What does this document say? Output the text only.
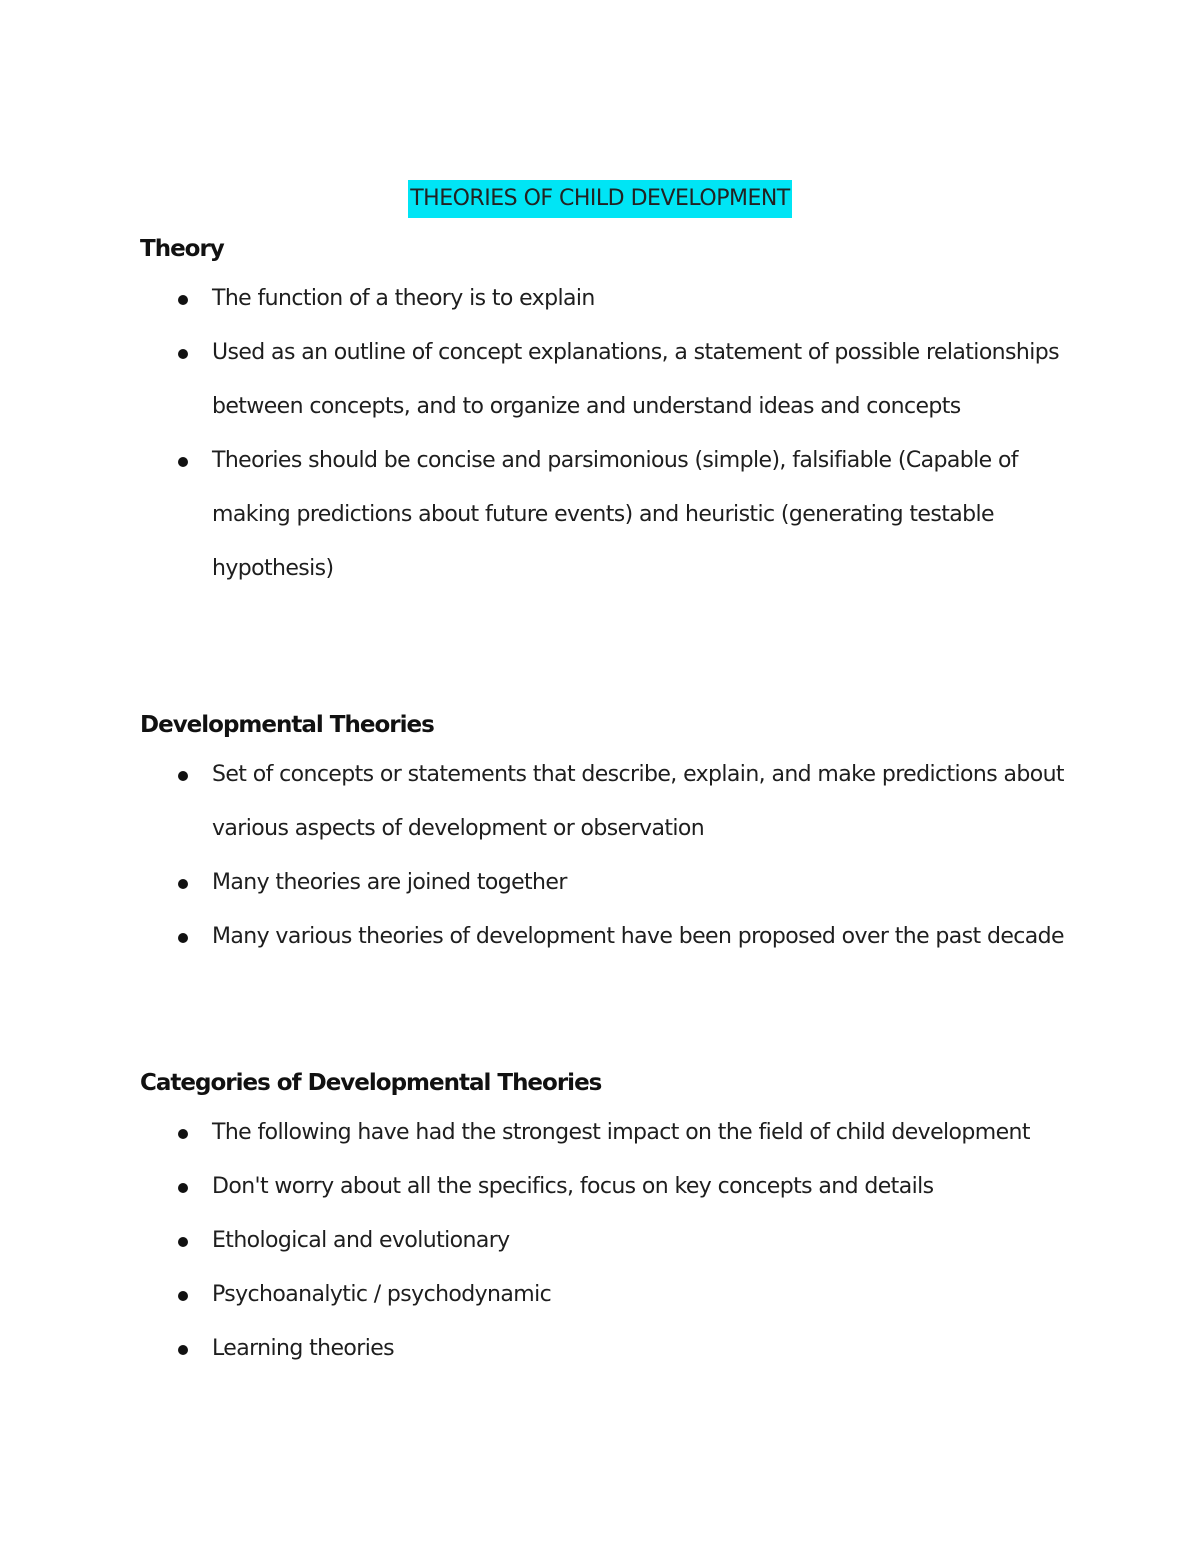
THEORIES OF CHILD DEVELOPMENT
Theory
The function of a theory is to explain
Used as an outline of concept explanations, a statement of possible relationships between concepts, and to organize and understand ideas and concepts
Theories should be concise and parsimonious (simple), falsifiable (Capable of making predictions about future events) and heuristic (generating testable hypothesis)
Developmental Theories
Set of concepts or statements that describe, explain, and make predictions about various aspects of development or observation
Many theories are joined together
Many various theories of development have been proposed over the past decade
Categories of Developmental Theories
The following have had the strongest impact on the field of child development
Don't worry about all the specifics, focus on key concepts and details
Ethological and evolutionary
Psychoanalytic / psychodynamic
Learning theories
